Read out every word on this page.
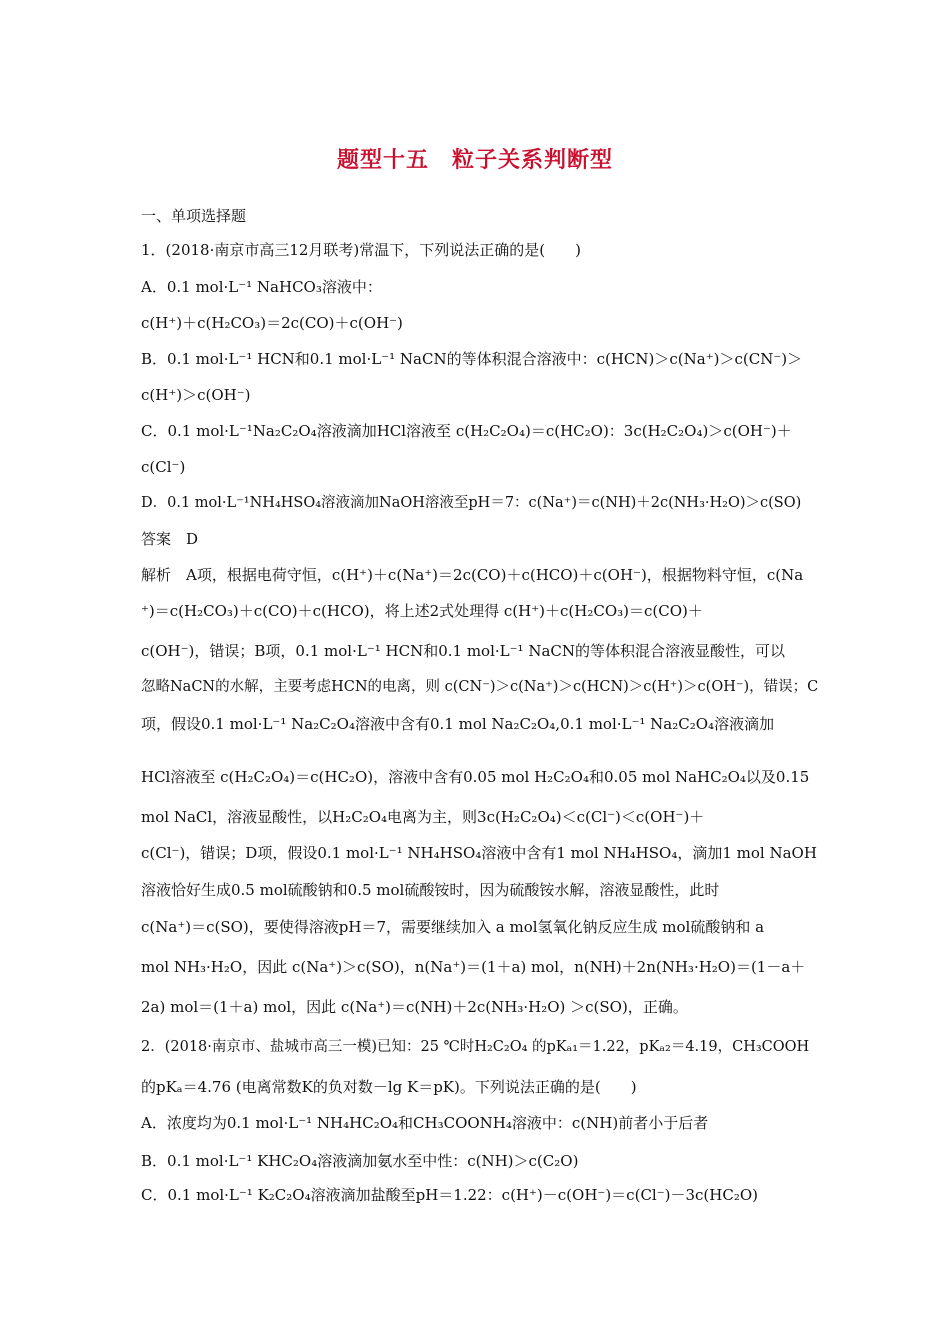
题型十五　粒子关系判断型
一、单项选择题
1．(2018·南京市高三12月联考)常温下，下列说法正确的是(　　)
A．0.1 mol·L⁻¹ NaHCO₃溶液中：
c(H⁺)＋c(H₂CO₃)＝2c(CO)＋c(OH⁻)
B．0.1 mol·L⁻¹ HCN和0.1 mol·L⁻¹ NaCN的等体积混合溶液中：c(HCN)＞c(Na⁺)＞c(CN⁻)＞
c(H⁺)＞c(OH⁻)
C．0.1 mol·L⁻¹Na₂C₂O₄溶液滴加HCl溶液至 c(H₂C₂O₄)＝c(HC₂O)：3c(H₂C₂O₄)＞c(OH⁻)＋
c(Cl⁻)
D．0.1 mol·L⁻¹NH₄HSO₄溶液滴加NaOH溶液至pH＝7：c(Na⁺)＝c(NH)＋2c(NH₃·H₂O)＞c(SO)
答案　D
解析　A项，根据电荷守恒，c(H⁺)＋c(Na⁺)＝2c(CO)＋c(HCO)＋c(OH⁻)，根据物料守恒，c(Na
⁺)＝c(H₂CO₃)＋c(CO)＋c(HCO)，将上述2式处理得 c(H⁺)＋c(H₂CO₃)＝c(CO)＋
c(OH⁻)，错误；B项，0.1 mol·L⁻¹ HCN和0.1 mol·L⁻¹ NaCN的等体积混合溶液显酸性，可以
忽略NaCN的水解，主要考虑HCN的电离，则 c(CN⁻)＞c(Na⁺)＞c(HCN)＞c(H⁺)＞c(OH⁻)，错误；C
项，假设0.1 mol·L⁻¹ Na₂C₂O₄溶液中含有0.1 mol Na₂C₂O₄,0.1 mol·L⁻¹ Na₂C₂O₄溶液滴加
HCl溶液至 c(H₂C₂O₄)＝c(HC₂O)，溶液中含有0.05 mol H₂C₂O₄和0.05 mol NaHC₂O₄以及0.15
mol NaCl，溶液显酸性，以H₂C₂O₄电离为主，则3c(H₂C₂O₄)＜c(Cl⁻)＜c(OH⁻)＋
c(Cl⁻)，错误；D项，假设0.1 mol·L⁻¹ NH₄HSO₄溶液中含有1 mol NH₄HSO₄，滴加1 mol NaOH
溶液恰好生成0.5 mol硫酸钠和0.5 mol硫酸铵时，因为硫酸铵水解，溶液显酸性，此时
c(Na⁺)＝c(SO)，要使得溶液pH＝7，需要继续加入 a mol氢氧化钠反应生成 mol硫酸钠和 a
mol NH₃·H₂O，因此 c(Na⁺)＞c(SO)，n(Na⁺)＝(1＋a) mol，n(NH)＋2n(NH₃·H₂O)＝(1－a＋
2a) mol＝(1＋a) mol，因此 c(Na⁺)＝c(NH)＋2c(NH₃·H₂O) ＞c(SO)，正确。
2．(2018·南京市、盐城市高三一模)已知：25 ℃时H₂C₂O₄ 的pKₐ₁＝1.22，pKₐ₂＝4.19，CH₃COOH
的pKₐ＝4.76 (电离常数K的负对数－lg K＝pK)。下列说法正确的是(　　)
A．浓度均为0.1 mol·L⁻¹ NH₄HC₂O₄和CH₃COONH₄溶液中：c(NH)前者小于后者
B．0.1 mol·L⁻¹ KHC₂O₄溶液滴加氨水至中性：c(NH)＞c(C₂O)
C．0.1 mol·L⁻¹ K₂C₂O₄溶液滴加盐酸至pH＝1.22：c(H⁺)－c(OH⁻)＝c(Cl⁻)－3c(HC₂O)
